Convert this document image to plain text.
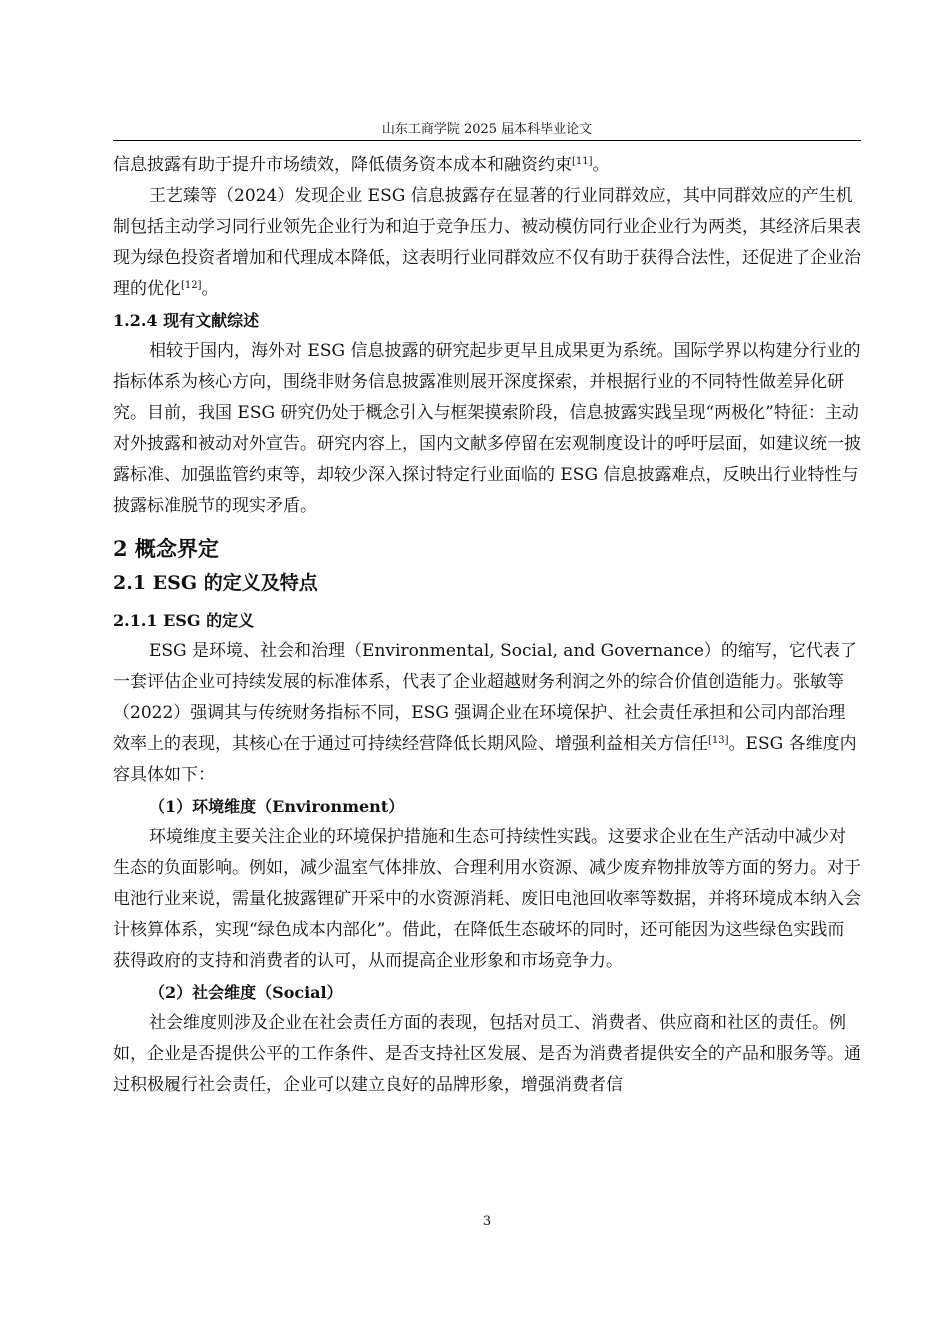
山东工商学院 2025 届本科毕业论文

信息披露有助于提升市场绩效，降低债务资本成本和融资约束[11]。

王艺臻等（2024）发现企业 ESG 信息披露存在显著的行业同群效应，其中同群效应的产生机制包括主动学习同行业领先企业行为和迫于竞争压力、被动模仿同行业企业行为两类，其经济后果表现为绿色投资者增加和代理成本降低，这表明行业同群效应不仅有助于获得合法性，还促进了企业治理的优化[12]。

1.2.4 现有文献综述

相较于国内，海外对 ESG 信息披露的研究起步更早且成果更为系统。国际学界以构建分行业的指标体系为核心方向，围绕非财务信息披露准则展开深度探索，并根据行业的不同特性做差异化研究。目前，我国 ESG 研究仍处于概念引入与框架摸索阶段，信息披露实践呈现“两极化”特征：主动对外披露和被动对外宣告。研究内容上，国内文献多停留在宏观制度设计的呼吁层面，如建议统一披露标准、加强监管约束等，却较少深入探讨特定行业面临的 ESG 信息披露难点，反映出行业特性与披露标准脱节的现实矛盾。

2 概念界定
2.1 ESG 的定义及特点
2.1.1 ESG 的定义

ESG 是环境、社会和治理（Environmental, Social, and Governance）的缩写，它代表了一套评估企业可持续发展的标准体系，代表了企业超越财务利润之外的综合价值创造能力。张敏等（2022）强调其与传统财务指标不同，ESG 强调企业在环境保护、社会责任承担和公司内部治理效率上的表现，其核心在于通过可持续经营降低长期风险、增强利益相关方信任[13]。ESG 各维度内容具体如下：

（1）环境维度（Environment）

环境维度主要关注企业的环境保护措施和生态可持续性实践。这要求企业在生产活动中减少对生态的负面影响。例如，减少温室气体排放、合理利用水资源、减少废弃物排放等方面的努力。对于电池行业来说，需量化披露锂矿开采中的水资源消耗、废旧电池回收率等数据，并将环境成本纳入会计核算体系，实现“绿色成本内部化”。借此，在降低生态破坏的同时，还可能因为这些绿色实践而获得政府的支持和消费者的认可，从而提高企业形象和市场竞争力。

（2）社会维度（Social）

社会维度则涉及企业在社会责任方面的表现，包括对员工、消费者、供应商和社区的责任。例如，企业是否提供公平的工作条件、是否支持社区发展、是否为消费者提供安全的产品和服务等。通过积极履行社会责任，企业可以建立良好的品牌形象，增强消费者信

3
